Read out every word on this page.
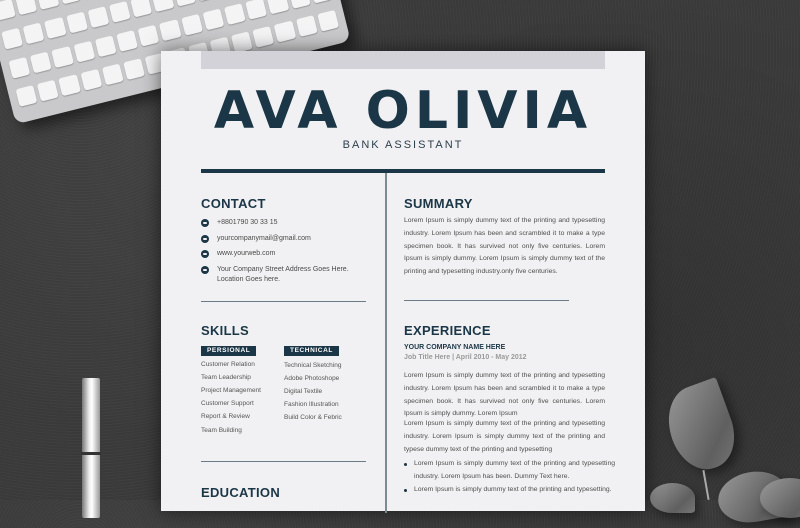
AVA OLIVIA
BANK ASSISTANT
CONTACT
+8801790 30 33 15
yourcompanymail@gmail.com
www.yourweb.com
Your Company Street Address Goes Here.
Location Goes here.
SKILLS
PERSIONAL	TECHNICAL
Customer Relation
Team Leadership
Project Management
Customer Support
Report & Review
Team Building
Technical Sketching
Adobe Photoshope
Digital Textile
Fashion Illustration
Build Color & Febric
EDUCATION
SUMMARY
Lorem Ipsum is simply dummy text of the printing and typesetting industry. Lorem Ipsum has been and scrambled it to make a type specimen book. It has survived not only five centuries. Lorem Ipsum is simply dummy. Lorem Ipsum is simply dummy text of the printing and typesetting industry.only five centuries.
EXPERIENCE
YOUR COMPANY NAME HERE
Job Title Here | April 2010 - May 2012
Lorem Ipsum is simply dummy text of the printing and typesetting industry. Lorem Ipsum has been and scrambled it to make a type specimen book. It has survived not only five centuries. Lorem Ipsum is simply dummy. Lorem Ipsum
Lorem Ipsum is simply dummy text of the printing and typesetting industry. Lorem Ipsum is simply dummy text of the printing and typese dummy text of the printing and typesetting
Lorem Ipsum is simply dummy text of the printing and typesetting industry. Lorem Ipsum has been. Dummy Text here.
Lorem Ipsum is simply dummy text of the printing and typesetting.
